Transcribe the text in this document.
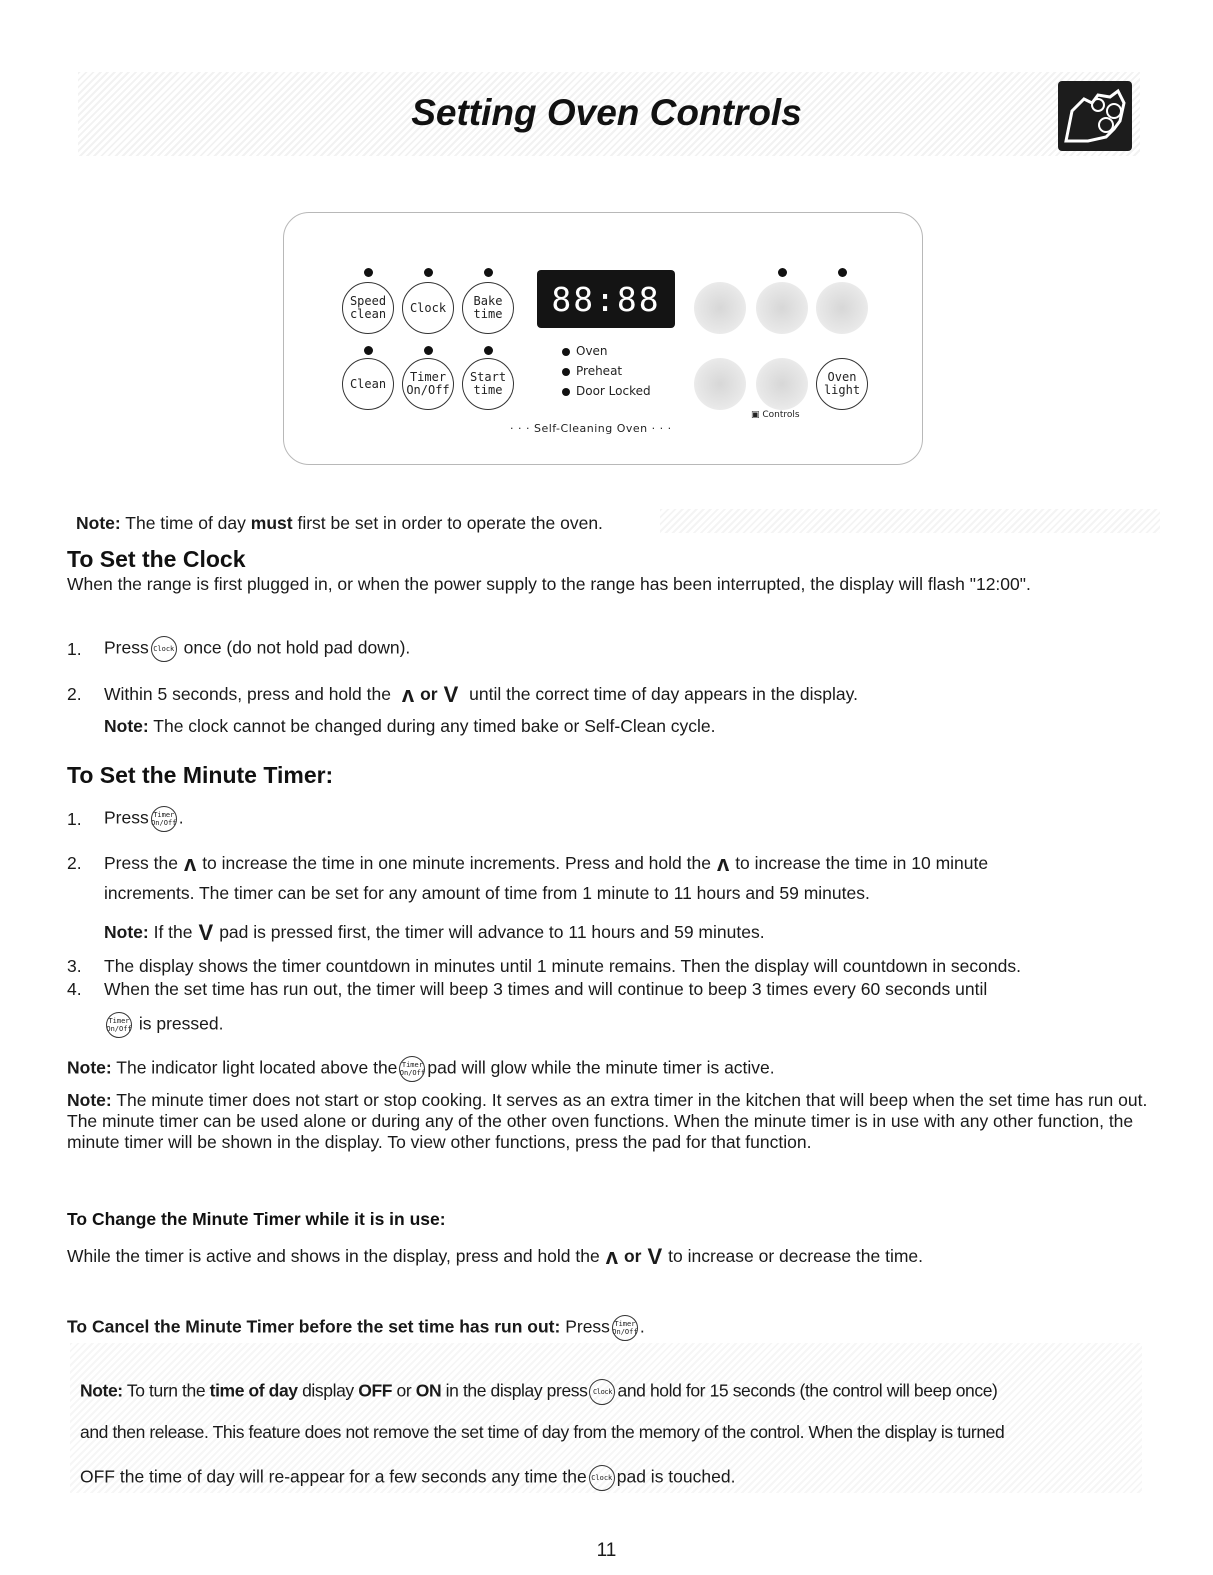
Setting Oven Controls
Speed
clean Clock Bake
time	88:88
Clean Timer
On/Off
Start
time
Oven
Preheat
Door Locked
Oven
light
▣ Controls
· · · Self-Cleaning Oven · · ·
Note: The time of day must first be set in order to operate the oven.
To Set the Clock

When the range is first plugged in, or when the power supply to the range has been interrupted, the display will flash "12:00".

1. Press Clock once (do not hold pad down).
2. Within 5 seconds, press and hold the ʌ or V until the correct time of day appears in the display.
Note: The clock cannot be changed during any timed bake or Self-Clean cycle.
To Set the Minute Timer:
1. Press Timer
On/Off .
2. Press the ʌ to increase the time in one minute increments. Press and hold the ʌ to increase the time in 10 minute
increments. The timer can be set for any amount of time from 1 minute to 11 hours and 59 minutes.
Note: If the V pad is pressed first, the timer will advance to 11 hours and 59 minutes.
3. The display shows the timer countdown in minutes until 1 minute remains. Then the display will countdown in seconds.
4. When the set time has run out, the timer will beep 3 times and will continue to beep 3 times every 60 seconds until
Timer
On/Off is pressed.
Note: The indicator light located above the Timer
On/Off pad will glow while the minute timer is active.

Note: The minute timer does not start or stop cooking. It serves as an extra timer in the kitchen that will beep when the set time has run out. The minute timer can be used alone or during any of the other oven functions. When the minute timer is in use with any other function, the minute timer will be shown in the display. To view other functions, press the pad for that function.

To Change the Minute Timer while it is in use:
While the timer is active and shows in the display, press and hold the ʌ or V to increase or decrease the time.
To Cancel the Minute Timer before the set time has run out: Press Timer
On/Off .
Note: To turn the time of day display OFF or ON in the display press Clock and hold for 15 seconds (the control will beep once)
and then release. This feature does not remove the set time of day from the memory of the control. When the display is turned
OFF the time of day will re-appear for a few seconds any time the Clock pad is touched.
11
